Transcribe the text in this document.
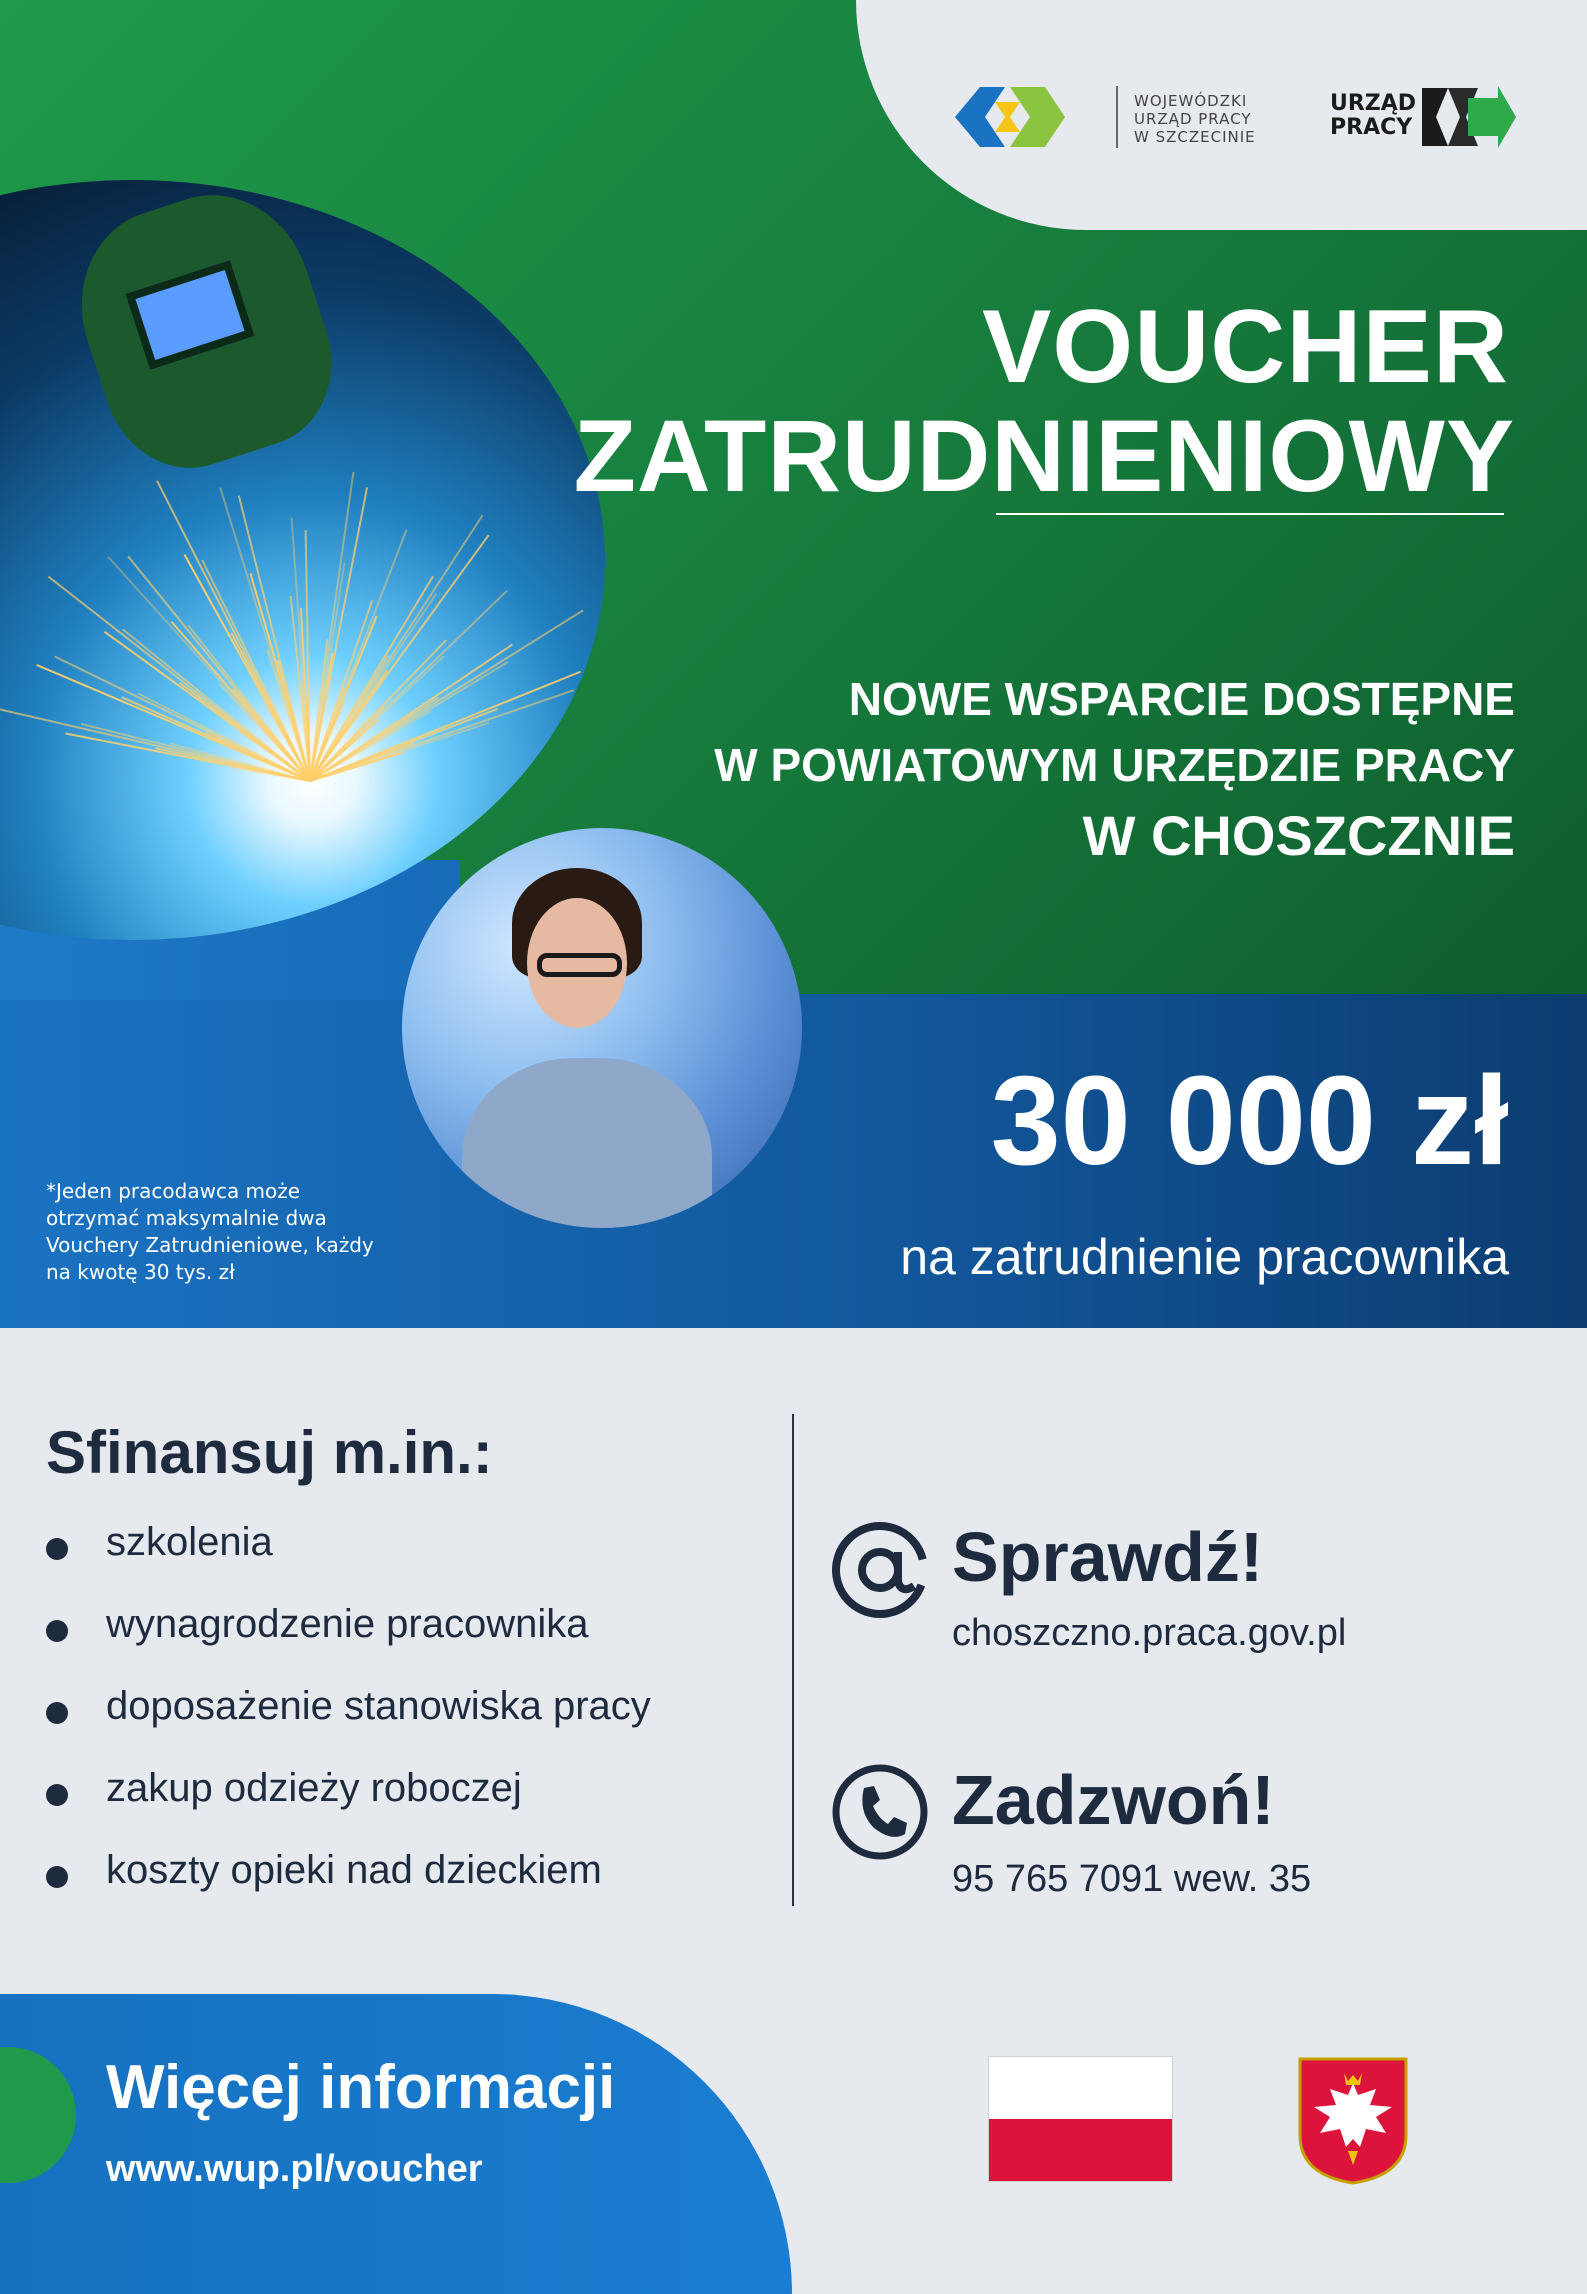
WOJEWÓDZKI
URZĄD PRACY
W SZCZECINIE
URZĄD
PRACY
VOUCHER
ZATRUDNIENIOWY
NOWE WSPARCIE DOSTĘPNE
W POWIATOWYM URZĘDZIE PRACY
W CHOSZCZNIE
30 000 zł
na zatrudnienie pracownika
*Jeden pracodawca może otrzymać maksymalnie dwa Vouchery Zatrudnieniowe, każdy na kwotę 30 tys. zł
Sfinansuj m.in.:
szkolenia
wynagrodzenie pracownika
doposażenie stanowiska pracy
zakup odzieży roboczej
koszty opieki nad dzieckiem
Sprawdź!
choszczno.praca.gov.pl
Zadzwoń!
95 765 7091 wew. 35
Więcej informacji
www.wup.pl/voucher
